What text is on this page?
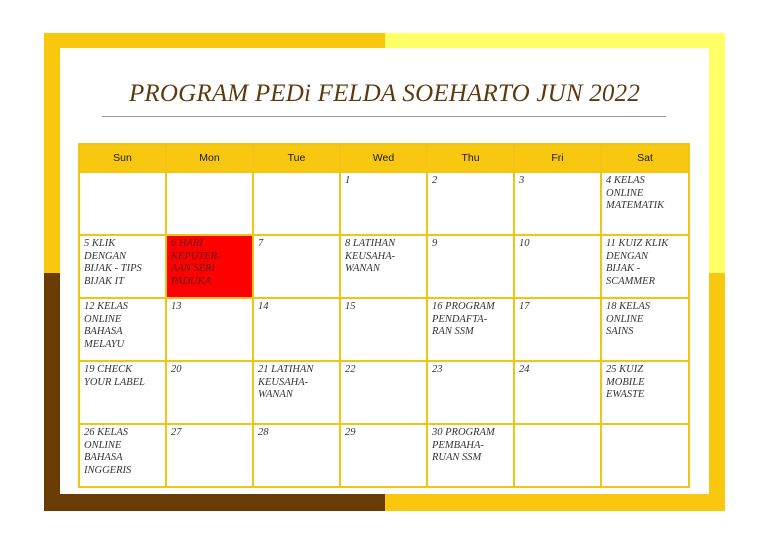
PROGRAM PEDi FELDA SOEHARTO JUN 2022
Sun	Mon	Tue	Wed	Thu	Fri	Sat

			1	2	3	4 KELAS
ONLINE
MATEMATIK

5 KLIK
DENGAN
BIJAK - TIPS
BIJAK IT	6 HARI
KEPUTER-
AAN SERI
PADUKA	7	8 LATIHAN
KEUSAHA-
WANAN	9	10	11 KUIZ KLIK
DENGAN
BIJAK -
SCAMMER

12 KELAS
ONLINE
BAHASA
MELAYU	13	14	15	16 PROGRAM
PENDAFTA-
RAN SSM	17	18 KELAS
ONLINE
SAINS

19 CHECK
YOUR LABEL	20	21 LATIHAN
KEUSAHA-
WANAN	22	23	24	25 KUIZ
MOBILE
EWASTE

26 KELAS
ONLINE
BAHASA
INGGERIS	27	28	29	30 PROGRAM
PEMBAHA-
RUAN SSM		
